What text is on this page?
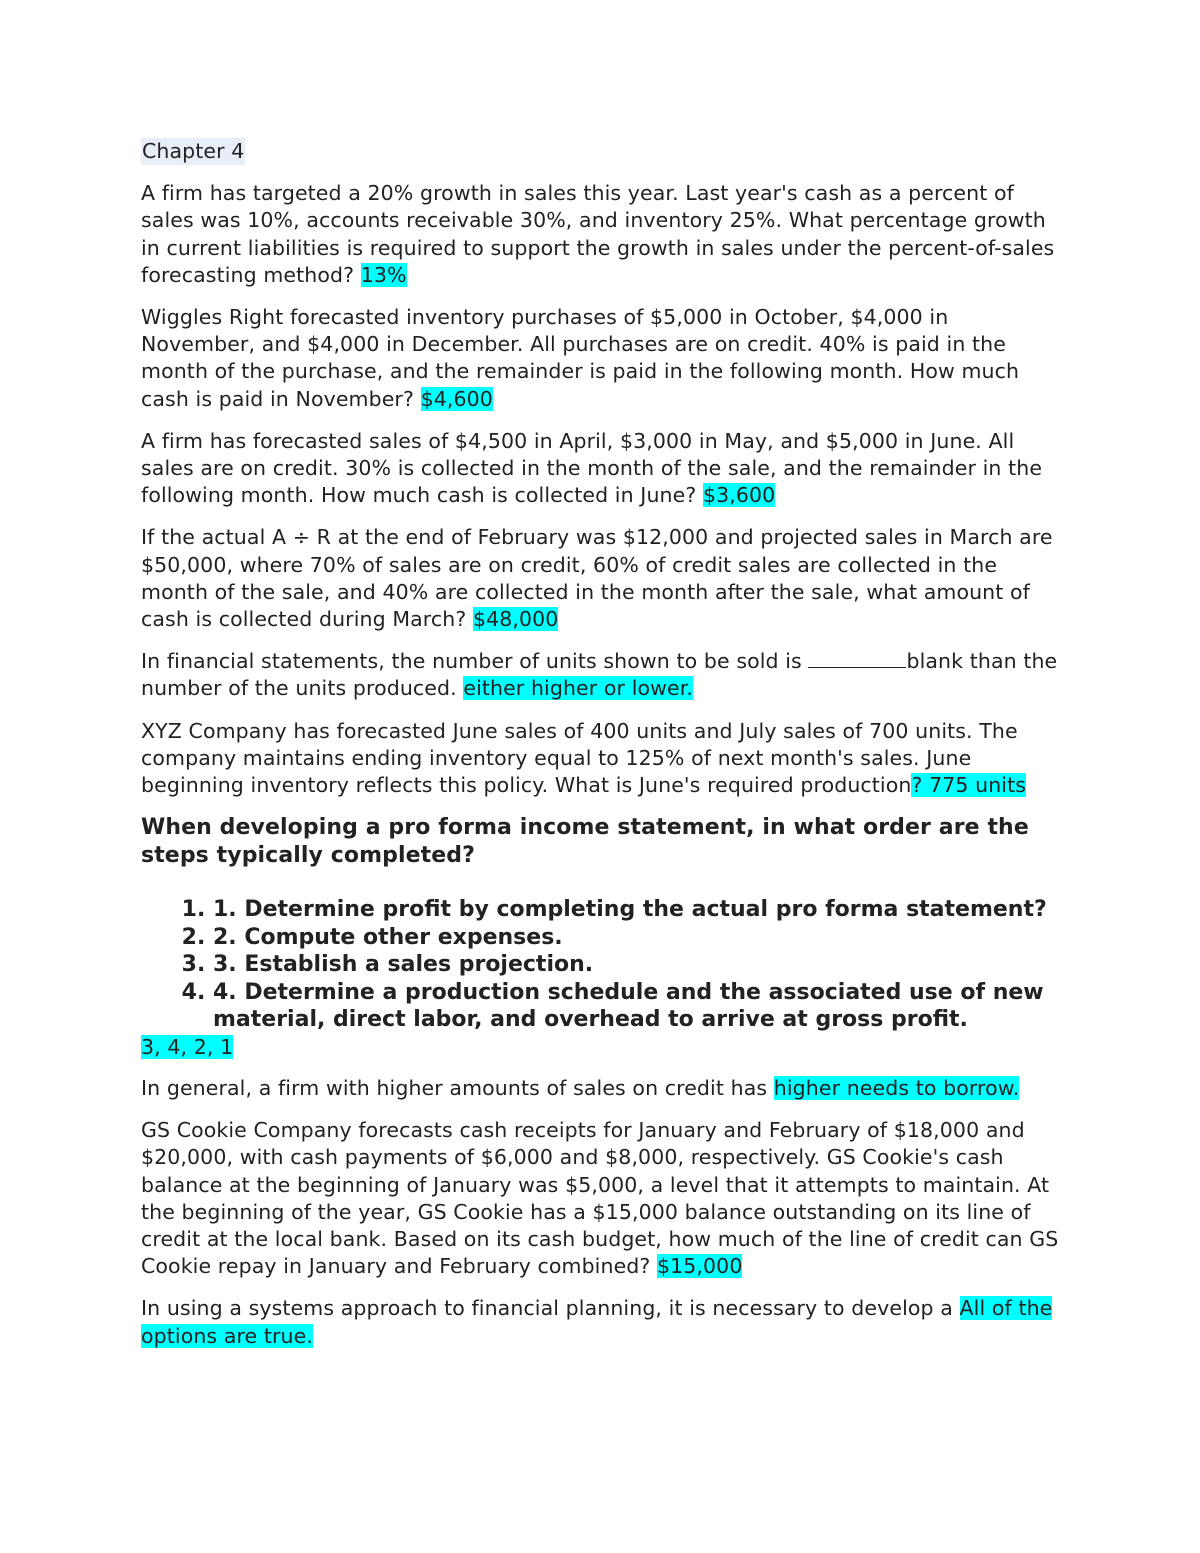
Chapter 4

A firm has targeted a 20% growth in sales this year. Last year's cash as a percent of sales was 10%, accounts receivable 30%, and inventory 25%. What percentage growth in current liabilities is required to support the growth in sales under the percent-of-sales forecasting method? 13%

Wiggles Right forecasted inventory purchases of $5,000 in October, $4,000 in November, and $4,000 in December. All purchases are on credit. 40% is paid in the month of the purchase, and the remainder is paid in the following month. How much cash is paid in November? $4,600

A firm has forecasted sales of $4,500 in April, $3,000 in May, and $5,000 in June. All sales are on credit. 30% is collected in the month of the sale, and the remainder in the following month. How much cash is collected in June? $3,600

If the actual A ÷ R at the end of February was $12,000 and projected sales in March are $50,000, where 70% of sales are on credit, 60% of credit sales are collected in the month of the sale, and 40% are collected in the month after the sale, what amount of cash is collected during March? $48,000

In financial statements, the number of units shown to be sold is	blank than the number of the units produced. either higher or lower.

XYZ Company has forecasted June sales of 400 units and July sales of 700 units. The company maintains ending inventory equal to 125% of next month's sales. June beginning inventory reflects this policy. What is June's required production? 775 units

When developing a pro forma income statement, in what order are the steps typically completed?

1. 1. Determine profit by completing the actual pro forma statement?
2. 2. Compute other expenses.
3. 3. Establish a sales projection.
4. 4. Determine a production schedule and the associated use of new material, direct labor, and overhead to arrive at gross profit.

3, 4, 2, 1

In general, a firm with higher amounts of sales on credit has higher needs to borrow.

GS Cookie Company forecasts cash receipts for January and February of $18,000 and $20,000, with cash payments of $6,000 and $8,000, respectively. GS Cookie's cash balance at the beginning of January was $5,000, a level that it attempts to maintain. At the beginning of the year, GS Cookie has a $15,000 balance outstanding on its line of credit at the local bank. Based on its cash budget, how much of the line of credit can GS Cookie repay in January and February combined? $15,000

In using a systems approach to financial planning, it is necessary to develop a All of the options are true.
